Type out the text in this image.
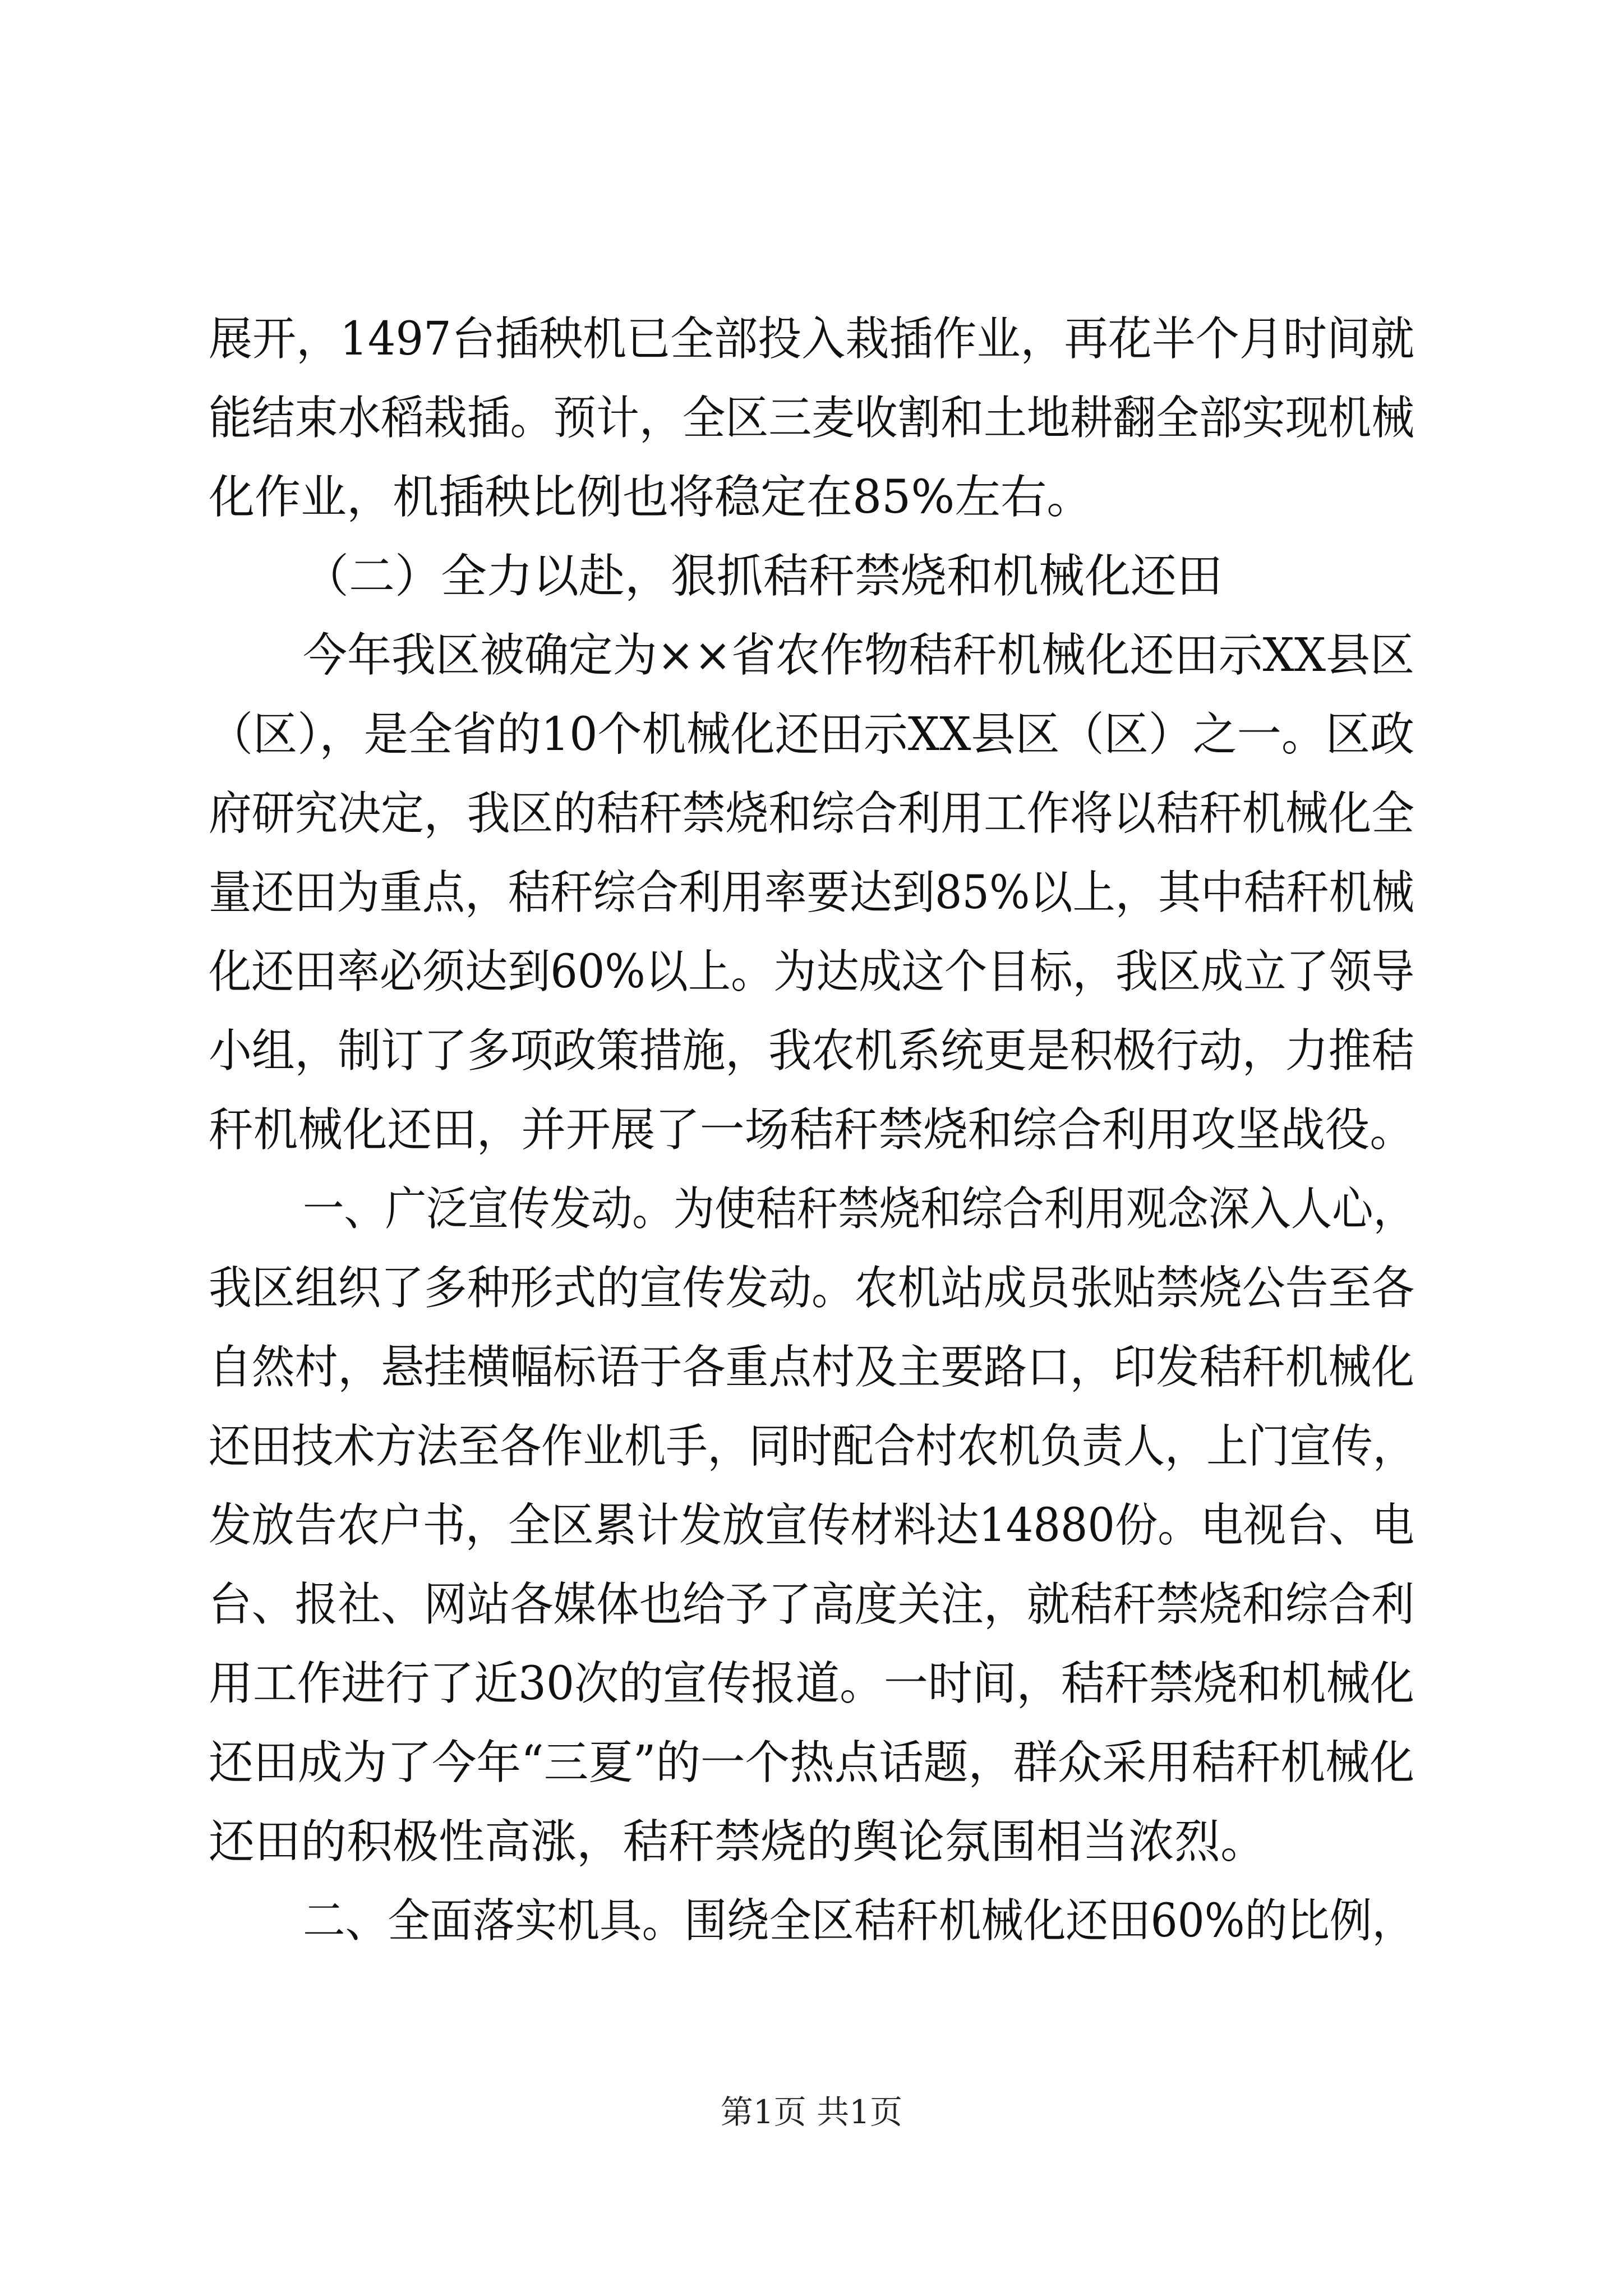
展开，1497台插秧机已全部投入栽插作业，再花半个月时间就
能结束水稻栽插。预计，全区三麦收割和土地耕翻全部实现机械
化作业，机插秧比例也将稳定在85%左右。
（二）全力以赴，狠抓秸秆禁烧和机械化还田
今年我区被确定为××省农作物秸秆机械化还田示XX县区
（区），是全省的10个机械化还田示XX县区（区）之一。区政
府研究决定，我区的秸秆禁烧和综合利用工作将以秸秆机械化全
量还田为重点，秸秆综合利用率要达到85%以上，其中秸秆机械
化还田率必须达到60%以上。为达成这个目标，我区成立了领导
小组，制订了多项政策措施，我农机系统更是积极行动，力推秸
秆机械化还田，并开展了一场秸秆禁烧和综合利用攻坚战役。
一、广泛宣传发动。为使秸秆禁烧和综合利用观念深入人心，
我区组织了多种形式的宣传发动。农机站成员张贴禁烧公告至各
自然村，悬挂横幅标语于各重点村及主要路口，印发秸秆机械化
还田技术方法至各作业机手，同时配合村农机负责人，上门宣传，
发放告农户书，全区累计发放宣传材料达14880份。电视台、电
台、报社、网站各媒体也给予了高度关注，就秸秆禁烧和综合利
用工作进行了近30次的宣传报道。一时间，秸秆禁烧和机械化
还田成为了今年“三夏”的一个热点话题，群众采用秸秆机械化
还田的积极性高涨，秸秆禁烧的舆论氛围相当浓烈。
二、全面落实机具。围绕全区秸秆机械化还田60%的比例，
第1页 共1页
